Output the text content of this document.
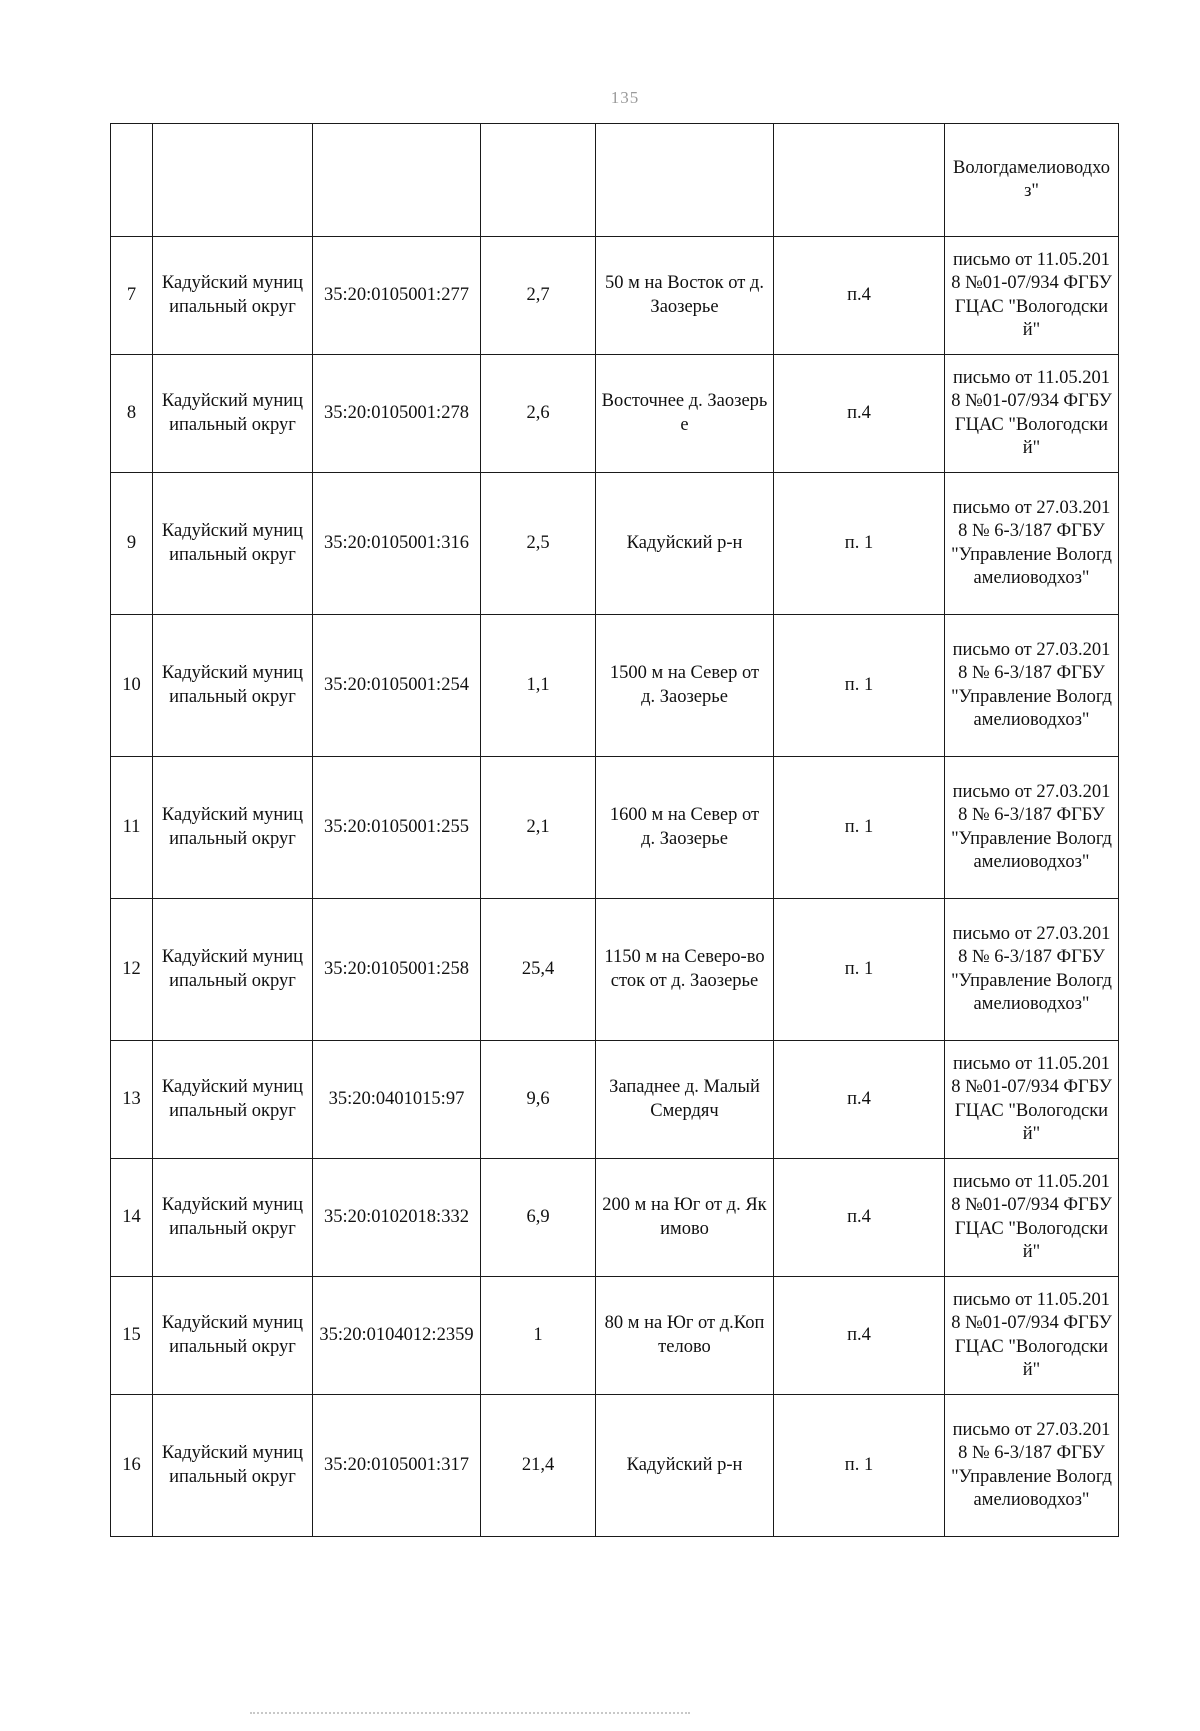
135
						Вологдамелиоводхоз"
7	Кадуйский муниципальный округ	35:20:0105001:277	2,7	50 м на Восток от д. Заозерье	п.4	письмо от 11.05.2018 №01-07/934 ФГБУ ГЦАС "Вологодский"
8	Кадуйский муниципальный округ	35:20:0105001:278	2,6	Восточнее д. Заозерье	п.4	письмо от 11.05.2018 №01-07/934 ФГБУ ГЦАС "Вологодский"
9	Кадуйский муниципальный округ	35:20:0105001:316	2,5	Кадуйский р-н	п. 1	письмо от 27.03.2018 № 6-3/187 ФГБУ "Управление Вологдамелиоводхоз"
10	Кадуйский муниципальный округ	35:20:0105001:254	1,1	1500 м на Север от д. Заозерье	п. 1	письмо от 27.03.2018 № 6-3/187 ФГБУ "Управление Вологдамелиоводхоз"
11	Кадуйский муниципальный округ	35:20:0105001:255	2,1	1600 м на Север от д. Заозерье	п. 1	письмо от 27.03.2018 № 6-3/187 ФГБУ "Управление Вологдамелиоводхоз"
12	Кадуйский муниципальный округ	35:20:0105001:258	25,4	1150 м на Северо-восток от д. Заозерье	п. 1	письмо от 27.03.2018 № 6-3/187 ФГБУ "Управление Вологдамелиоводхоз"
13	Кадуйский муниципальный округ	35:20:0401015:97	9,6	Западнее д. Малый Смердяч	п.4	письмо от 11.05.2018 №01-07/934 ФГБУ ГЦАС "Вологодский"
14	Кадуйский муниципальный округ	35:20:0102018:332	6,9	200 м на Юг от д. Якимово	п.4	письмо от 11.05.2018 №01-07/934 ФГБУ ГЦАС "Вологодский"
15	Кадуйский муниципальный округ	35:20:0104012:2359	1	80 м на Юг от д.Коптелово	п.4	письмо от 11.05.2018 №01-07/934 ФГБУ ГЦАС "Вологодский"
16	Кадуйский муниципальный округ	35:20:0105001:317	21,4	Кадуйский р-н	п. 1	письмо от 27.03.2018 № 6-3/187 ФГБУ "Управление Вологдамелиоводхоз"
